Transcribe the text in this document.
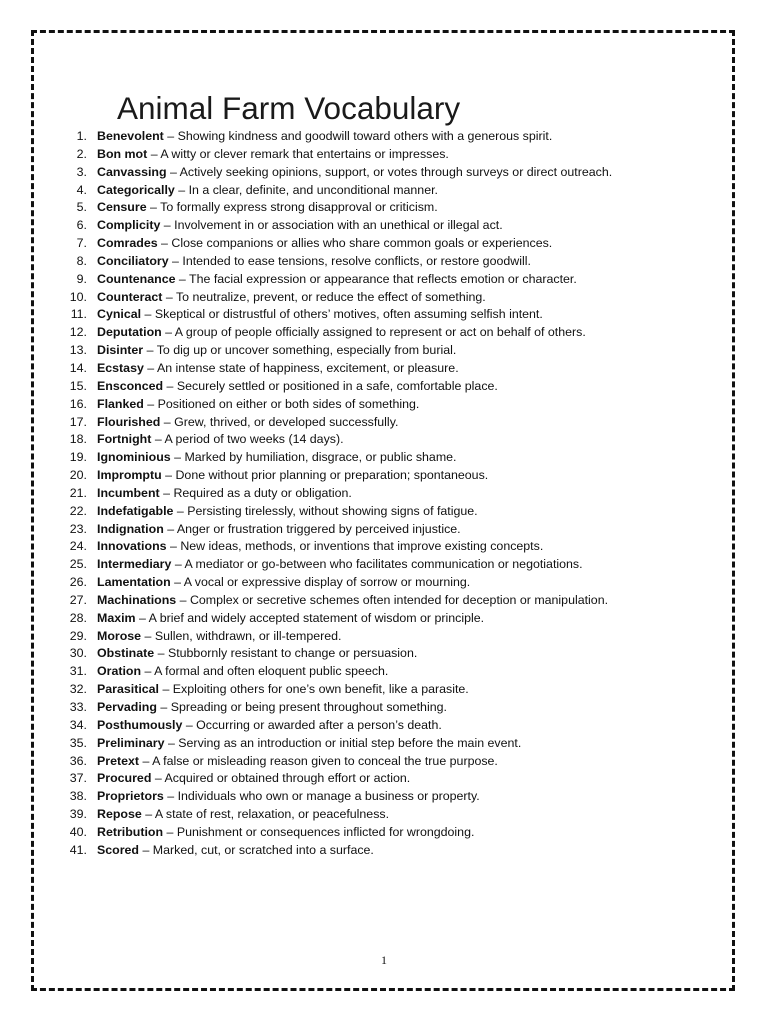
Animal Farm Vocabulary
1. Benevolent – Showing kindness and goodwill toward others with a generous spirit.
2. Bon mot – A witty or clever remark that entertains or impresses.
3. Canvassing – Actively seeking opinions, support, or votes through surveys or direct outreach.
4. Categorically – In a clear, definite, and unconditional manner.
5. Censure – To formally express strong disapproval or criticism.
6. Complicity – Involvement in or association with an unethical or illegal act.
7. Comrades – Close companions or allies who share common goals or experiences.
8. Conciliatory – Intended to ease tensions, resolve conflicts, or restore goodwill.
9. Countenance – The facial expression or appearance that reflects emotion or character.
10. Counteract – To neutralize, prevent, or reduce the effect of something.
11. Cynical – Skeptical or distrustful of others’ motives, often assuming selfish intent.
12. Deputation – A group of people officially assigned to represent or act on behalf of others.
13. Disinter – To dig up or uncover something, especially from burial.
14. Ecstasy – An intense state of happiness, excitement, or pleasure.
15. Ensconced – Securely settled or positioned in a safe, comfortable place.
16. Flanked – Positioned on either or both sides of something.
17. Flourished – Grew, thrived, or developed successfully.
18. Fortnight – A period of two weeks (14 days).
19. Ignominious – Marked by humiliation, disgrace, or public shame.
20. Impromptu – Done without prior planning or preparation; spontaneous.
21. Incumbent – Required as a duty or obligation.
22. Indefatigable – Persisting tirelessly, without showing signs of fatigue.
23. Indignation – Anger or frustration triggered by perceived injustice.
24. Innovations – New ideas, methods, or inventions that improve existing concepts.
25. Intermediary – A mediator or go-between who facilitates communication or negotiations.
26. Lamentation – A vocal or expressive display of sorrow or mourning.
27. Machinations – Complex or secretive schemes often intended for deception or manipulation.
28. Maxim – A brief and widely accepted statement of wisdom or principle.
29. Morose – Sullen, withdrawn, or ill-tempered.
30. Obstinate – Stubbornly resistant to change or persuasion.
31. Oration – A formal and often eloquent public speech.
32. Parasitical – Exploiting others for one’s own benefit, like a parasite.
33. Pervading – Spreading or being present throughout something.
34. Posthumously – Occurring or awarded after a person’s death.
35. Preliminary – Serving as an introduction or initial step before the main event.
36. Pretext – A false or misleading reason given to conceal the true purpose.
37. Procured – Acquired or obtained through effort or action.
38. Proprietors – Individuals who own or manage a business or property.
39. Repose – A state of rest, relaxation, or peacefulness.
40. Retribution – Punishment or consequences inflicted for wrongdoing.
41. Scored – Marked, cut, or scratched into a surface.
1
